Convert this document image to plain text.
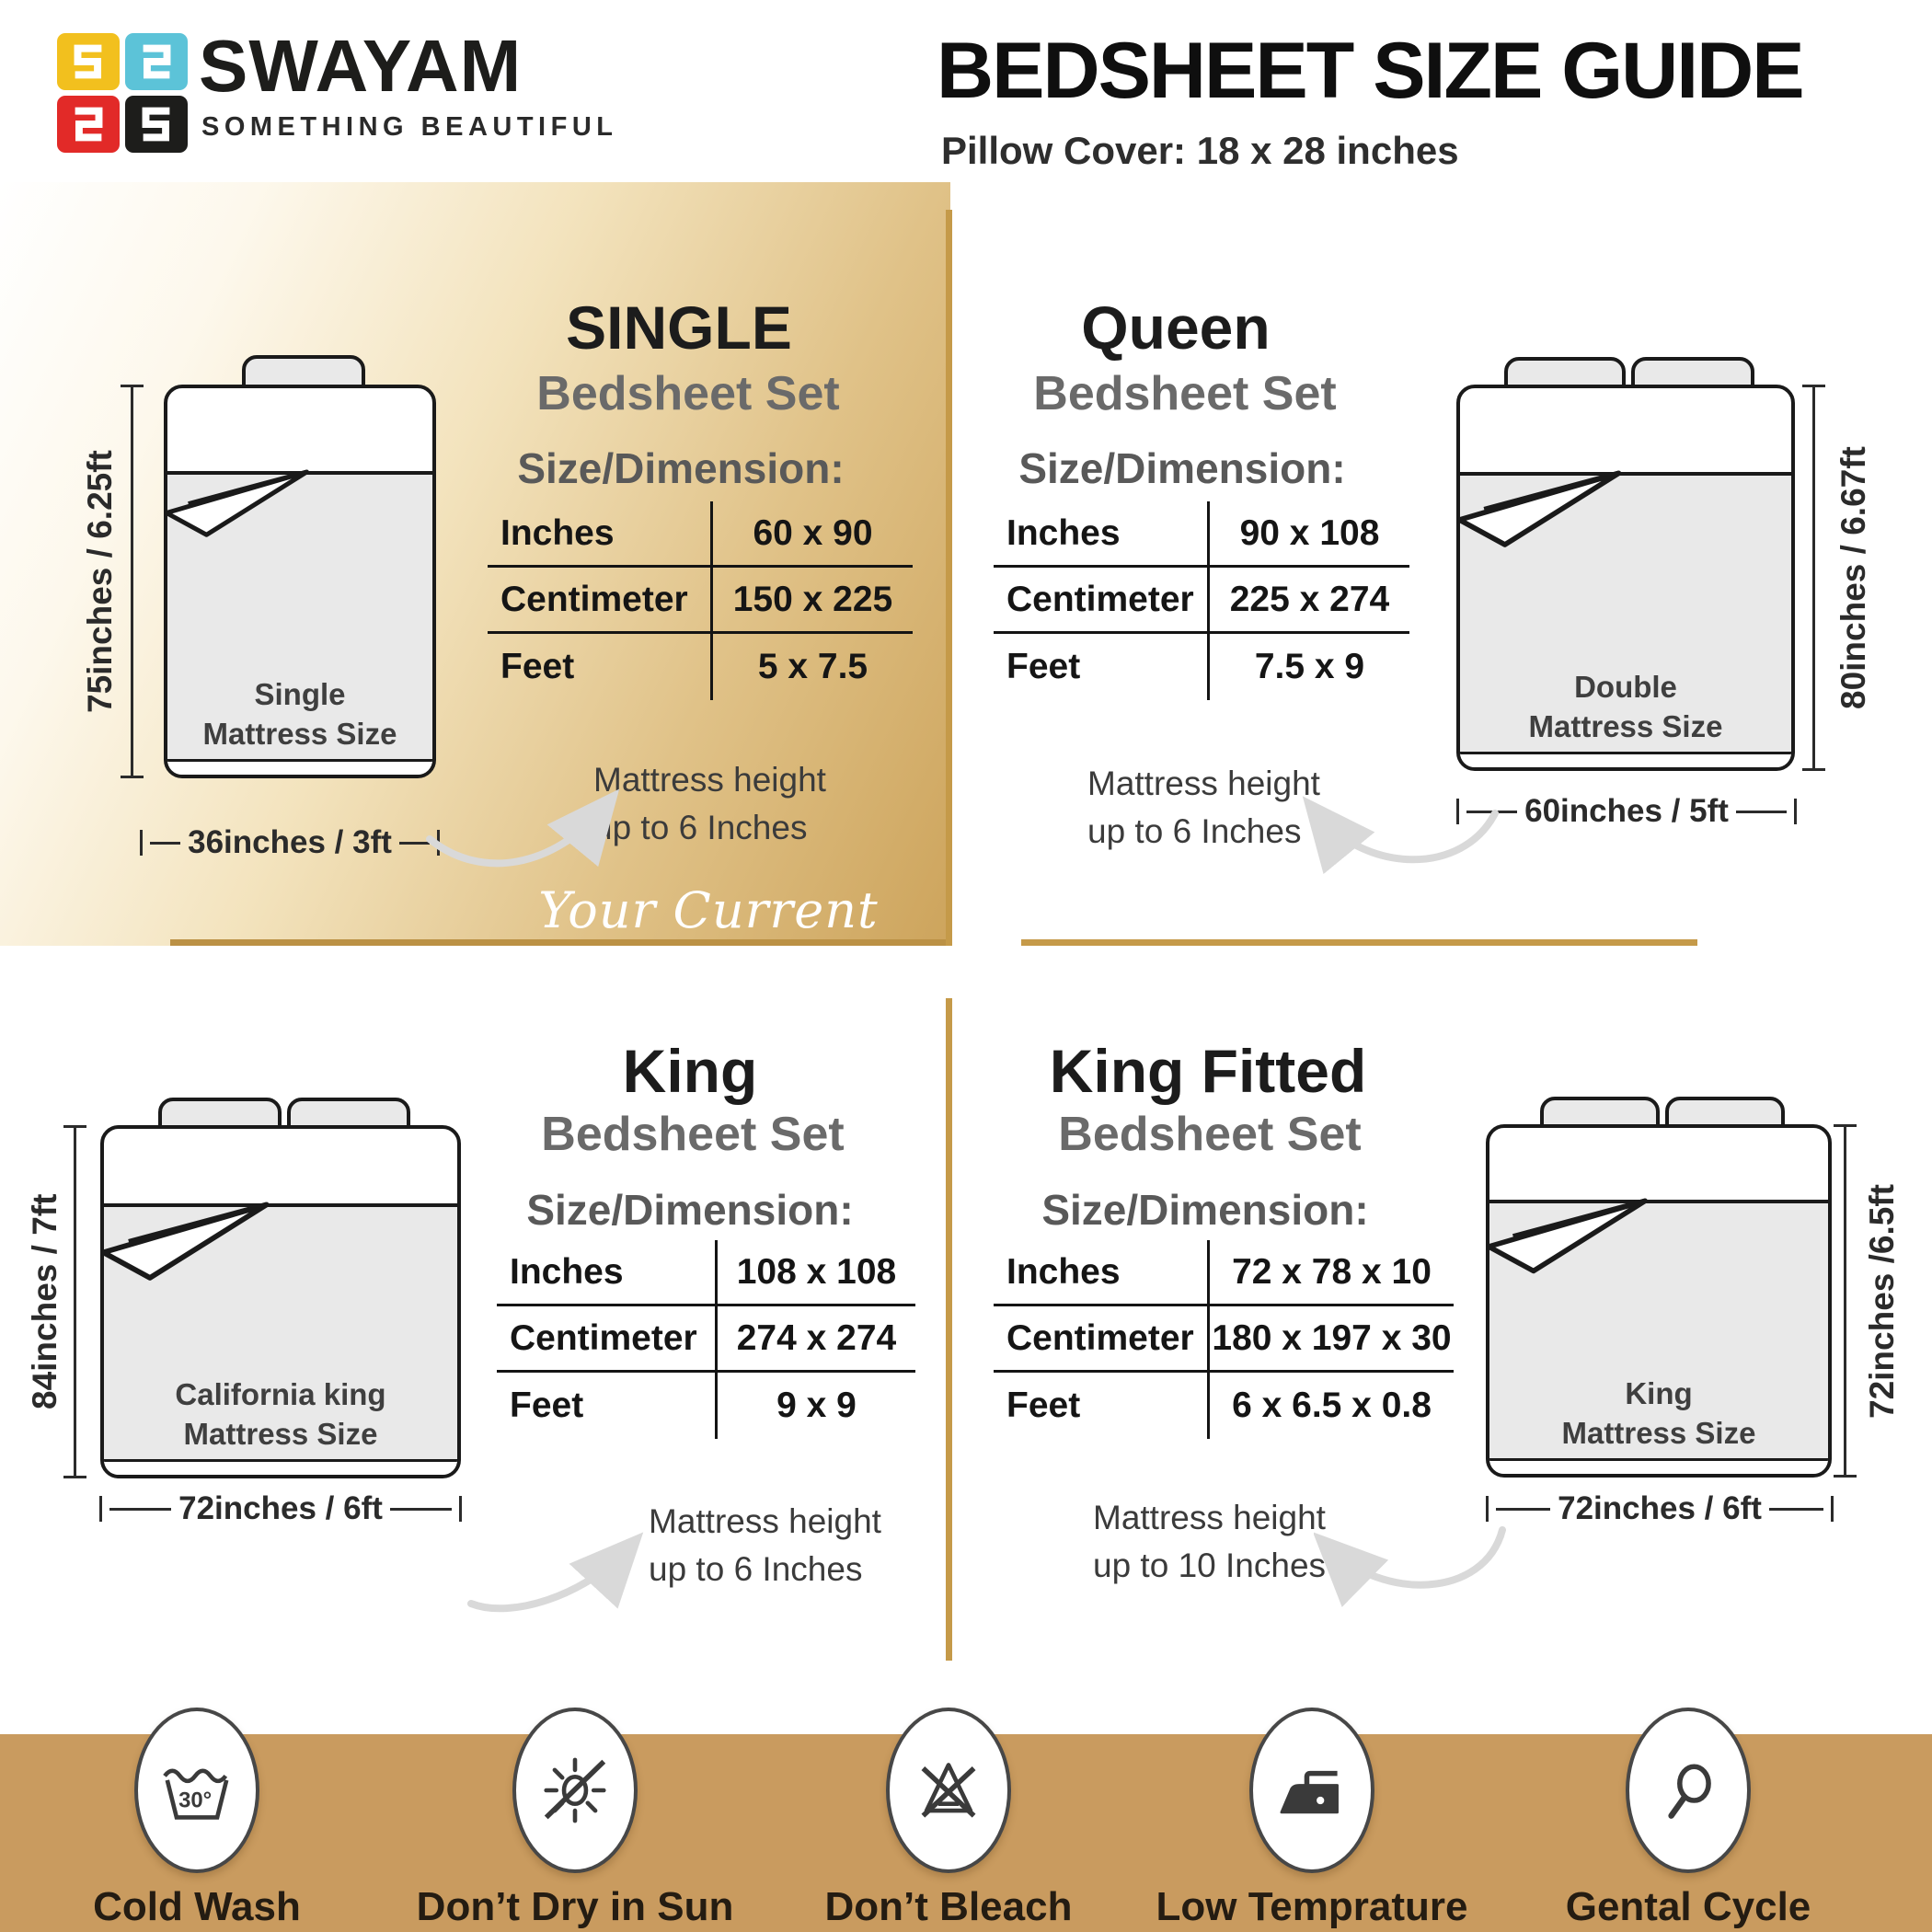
SWAYAM
SOMETHING BEAUTIFUL
BEDSHEET SIZE GUIDE
Pillow Cover: 18 x 28 inches
SINGLE
Bedsheet Set
Size/Dimension:
Inches	60 x 90
Centimeter	150 x 225
Feet	5 x 7.5
Single
Mattress Size
75inches / 6.25ft
36inches / 3ft
Mattress height
up to 6 Inches
Your Current Selection
Queen
Bedsheet Set
Size/Dimension:
Inches	90 x 108
Centimeter	225 x 274
Feet	7.5 x 9
Double
Mattress Size
80inches / 6.67ft
60inches / 5ft
Mattress height
up to 6 Inches
King
Bedsheet Set
Size/Dimension:
Inches	108 x 108
Centimeter	274 x 274
Feet	9 x 9
California king
Mattress Size
84inches / 7ft
72inches / 6ft	Mattress height
up to 6 Inches
King Fitted
Bedsheet Set
Size/Dimension:
Inches	72 x 78 x 10
Centimeter 180 x 197 x 30
Feet	6 x 6.5 x 0.8	King
Mattress Size
72inches /6.5ft
72inches / 6ft
Mattress height
up to 10 Inches
30°
Cold Wash	Don’t Dry in Sun	Don’t Bleach	Low Temprature	Gental Cycle
